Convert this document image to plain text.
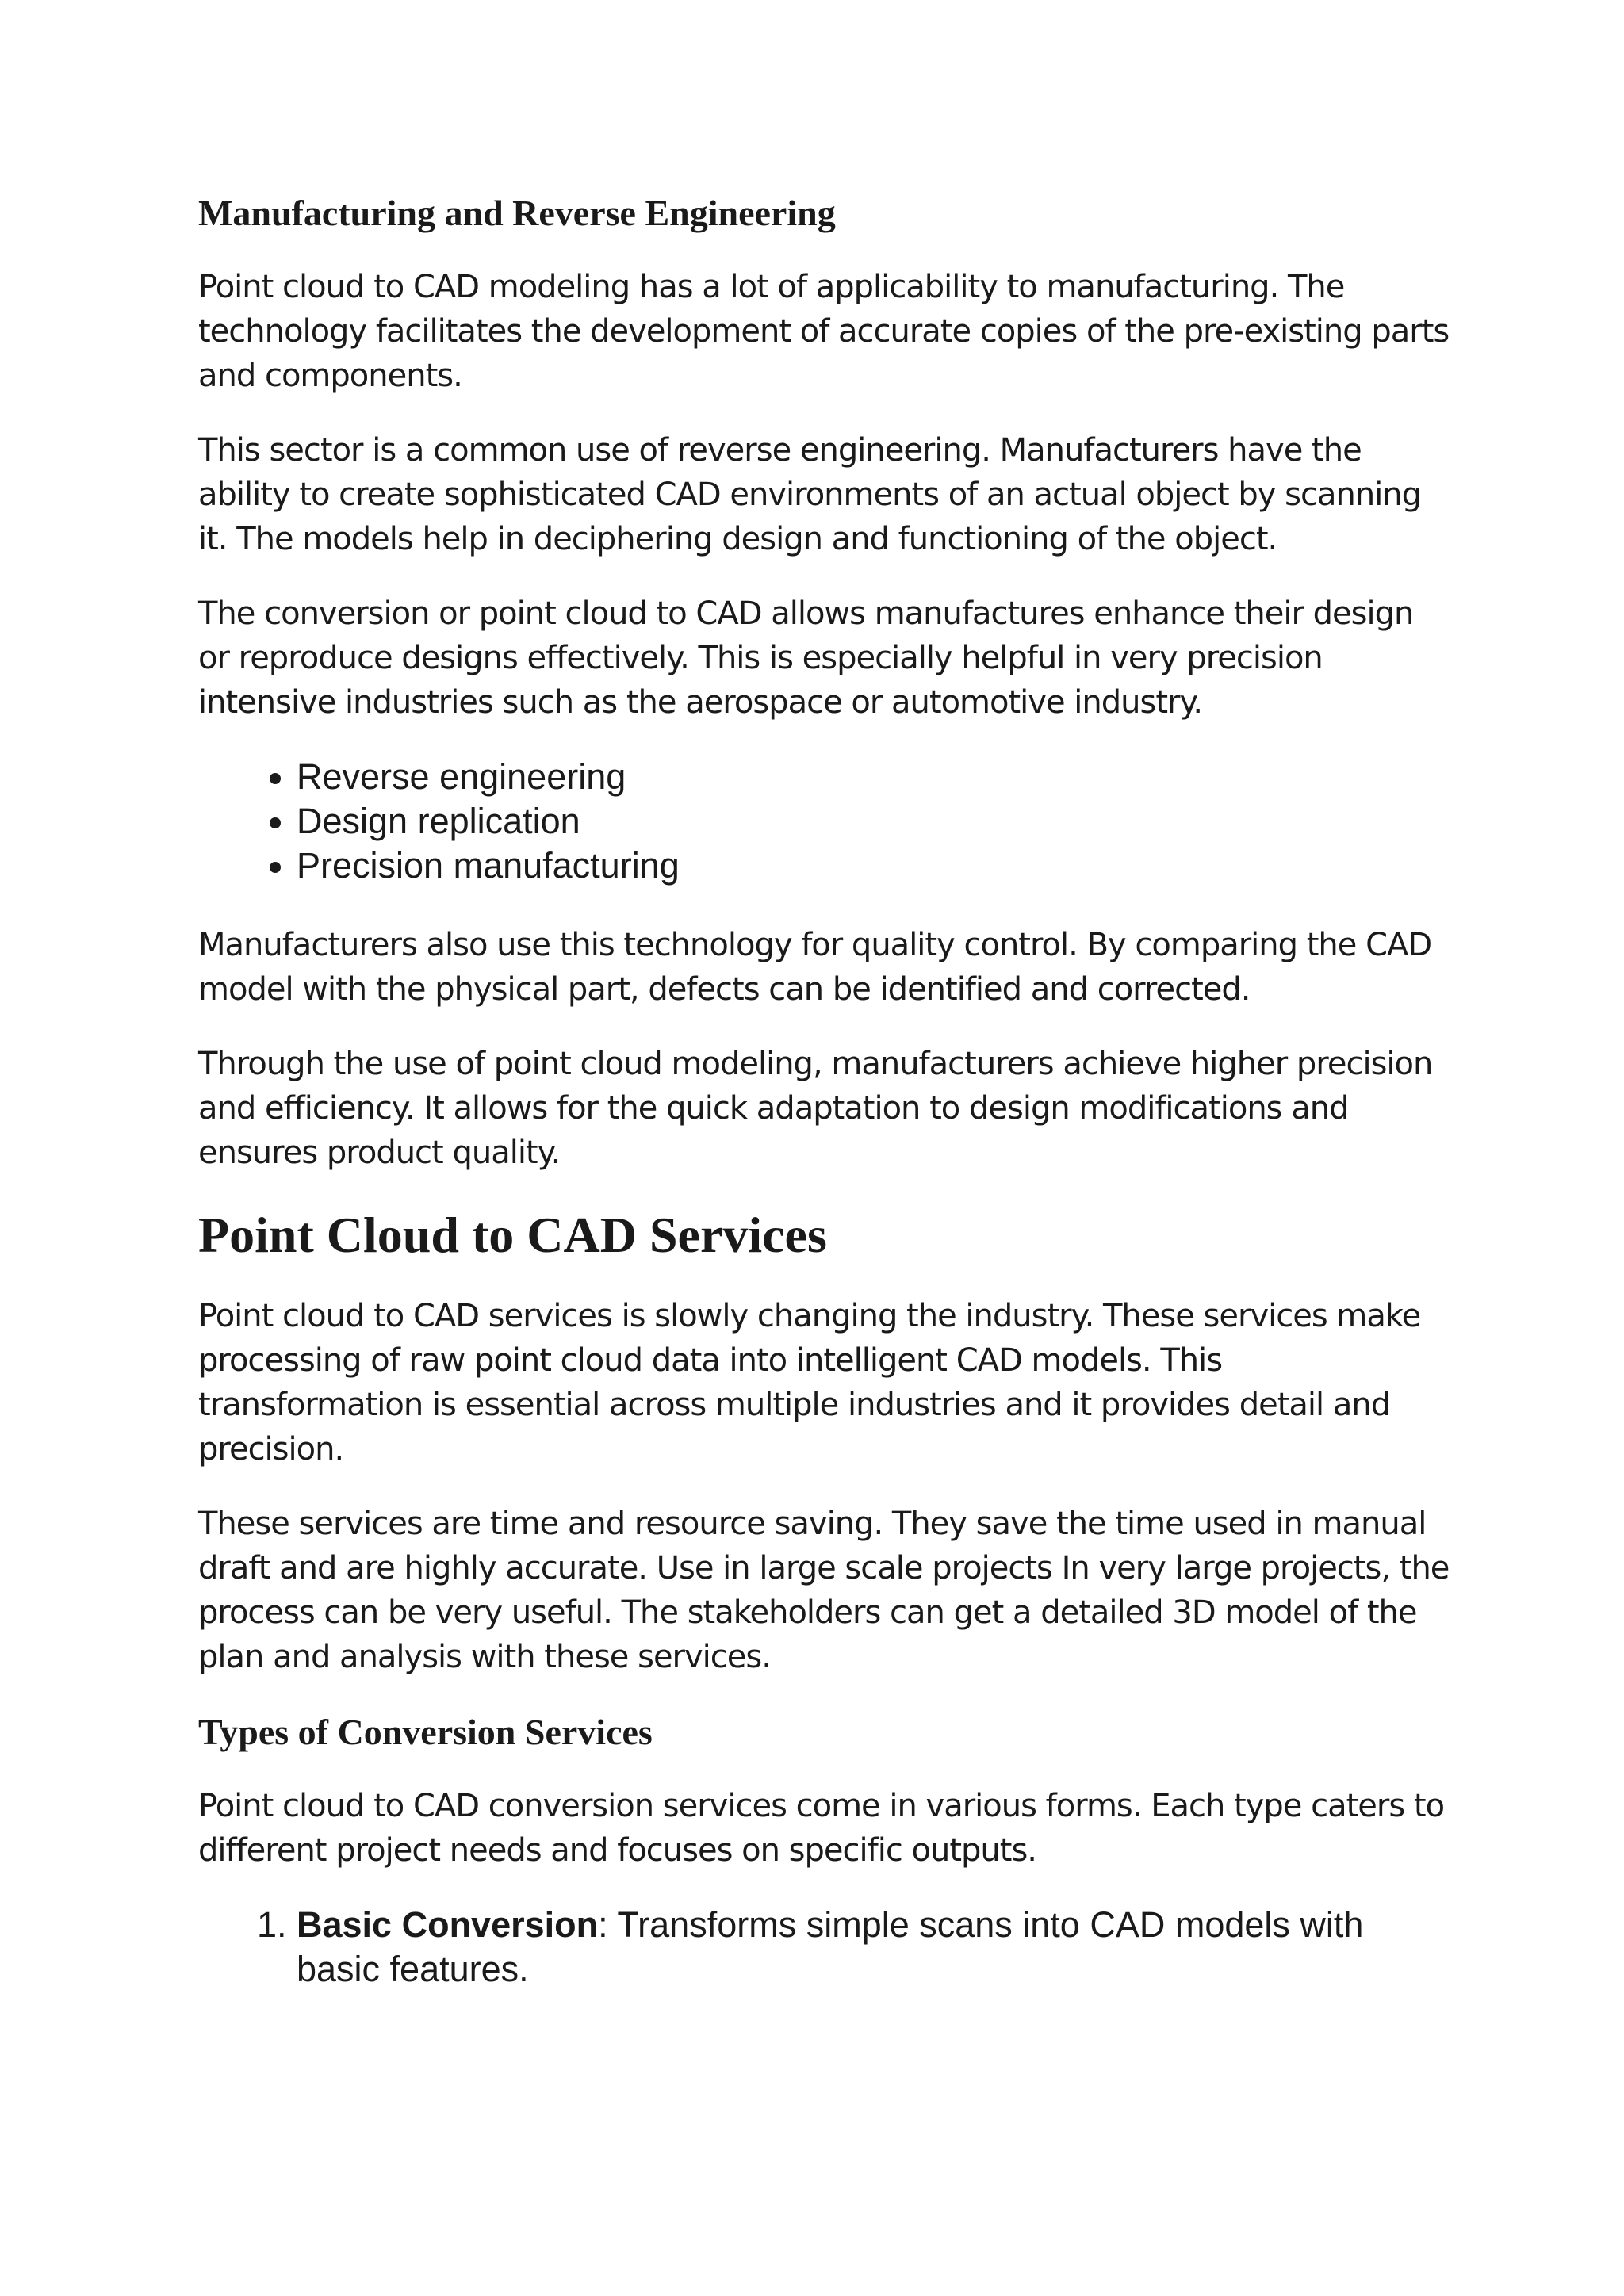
Manufacturing and Reverse Engineering

Point cloud to CAD modeling has a lot of applicability to manufacturing. The technology facilitates the development of accurate copies of the pre-existing parts and components.

This sector is a common use of reverse engineering. Manufacturers have the ability to create sophisticated CAD environments of an actual object by scanning it. The models help in deciphering design and functioning of the object.

The conversion or point cloud to CAD allows manufactures enhance their design or reproduce designs effectively. This is especially helpful in very precision intensive industries such as the aerospace or automotive industry.

• Reverse engineering
• Design replication
• Precision manufacturing

Manufacturers also use this technology for quality control. By comparing the CAD model with the physical part, defects can be identified and corrected.

Through the use of point cloud modeling, manufacturers achieve higher precision and efficiency. It allows for the quick adaptation to design modifications and ensures product quality.

Point Cloud to CAD Services

Point cloud to CAD services is slowly changing the industry. These services make processing of raw point cloud data into intelligent CAD models. This transformation is essential across multiple industries and it provides detail and precision.

These services are time and resource saving. They save the time used in manual draft and are highly accurate. Use in large scale projects In very large projects, the process can be very useful. The stakeholders can get a detailed 3D model of the plan and analysis with these services.

Types of Conversion Services

Point cloud to CAD conversion services come in various forms. Each type caters to different project needs and focuses on specific outputs.

1. Basic Conversion: Transforms simple scans into CAD models with basic features.
